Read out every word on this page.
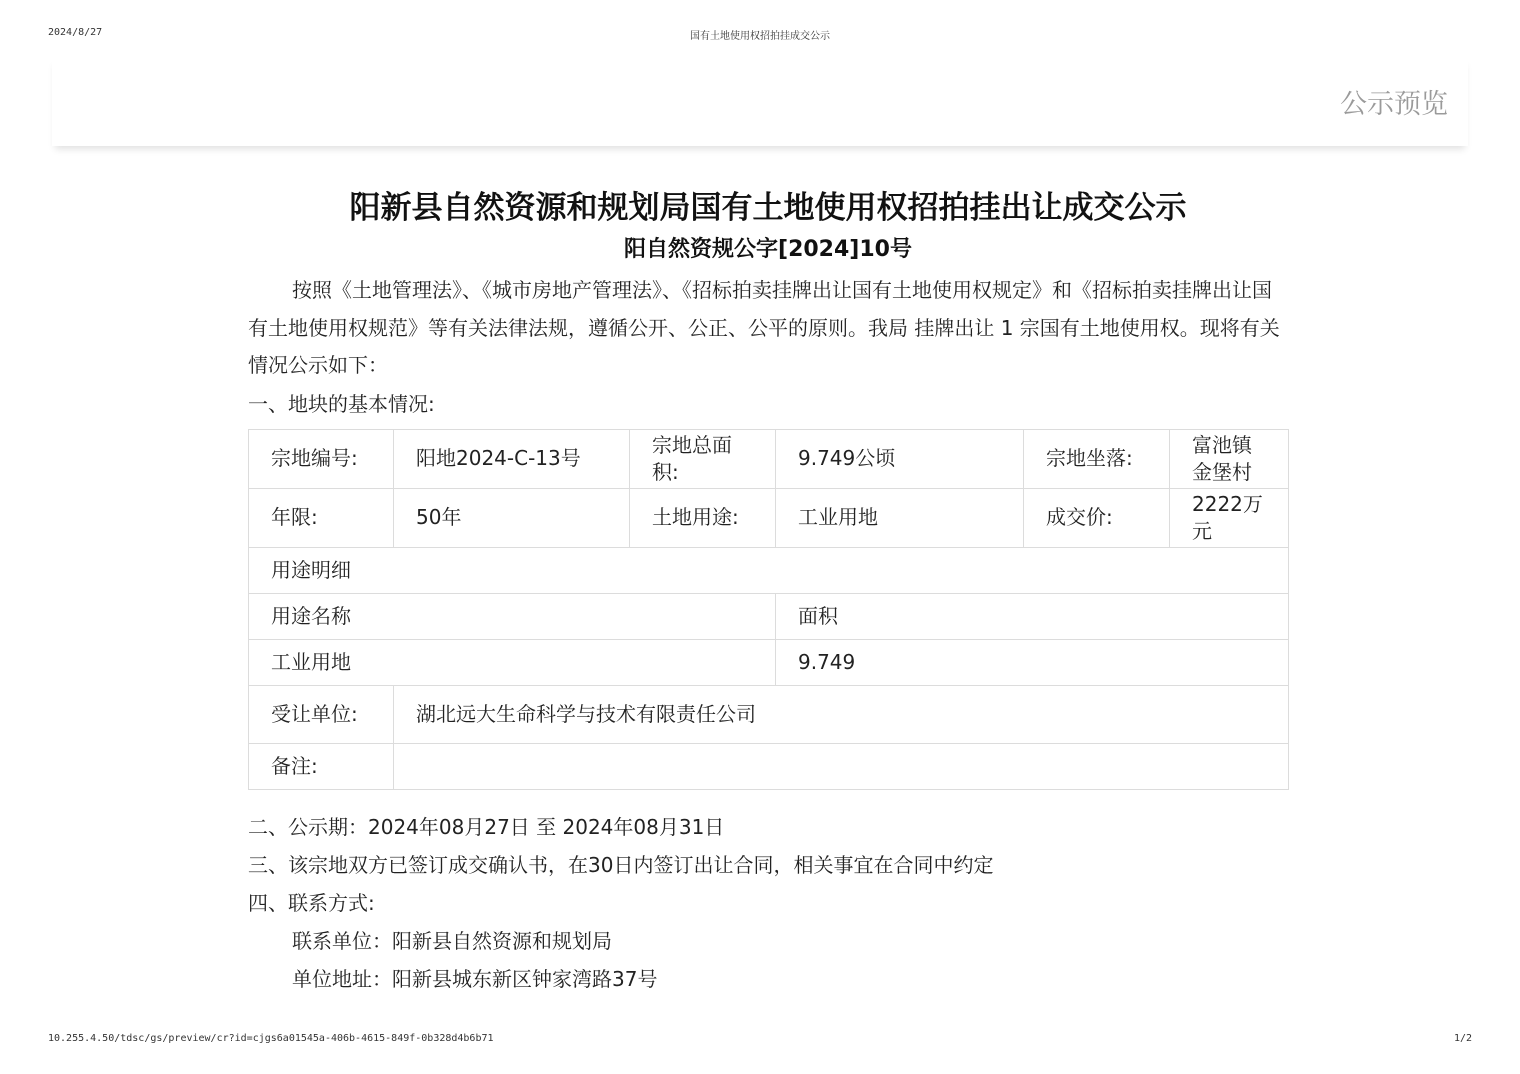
2024/8/27	国有土地使用权招拍挂成交公示
公示预览
阳新县自然资源和规划局国有土地使用权招拍挂出让成交公示
阳自然资规公字[2024]10号
按照《土地管理法》、《城市房地产管理法》、《招标拍卖挂牌出让国有土地使用权规定》和《招标拍卖挂牌出让国有土地使用权规范》等有关法律法规，遵循公开、公正、公平的原则。我局 挂牌出让 1 宗国有土地使用权。现将有关情况公示如下：
一、地块的基本情况:
宗地编号:	阳地2024-C-13号	宗地总面积:	9.749公顷	宗地坐落:	富池镇金堡村
年限:	50年	土地用途:	工业用地	成交价:	2222万元
用途明细					
用途名称			面积		
工业用地			9.749		
受让单位:	湖北远大生命科学与技术有限责任公司				
备注:					
二、公示期：2024年08月27日 至 2024年08月31日
三、该宗地双方已签订成交确认书，在30日内签订出让合同，相关事宜在合同中约定
四、联系方式:
联系单位：阳新县自然资源和规划局
单位地址：阳新县城东新区钟家湾路37号
10.255.4.50/tdsc/gs/preview/cr?id=cjgs6a01545a-406b-4615-849f-0b328d4b6b71	1/2
